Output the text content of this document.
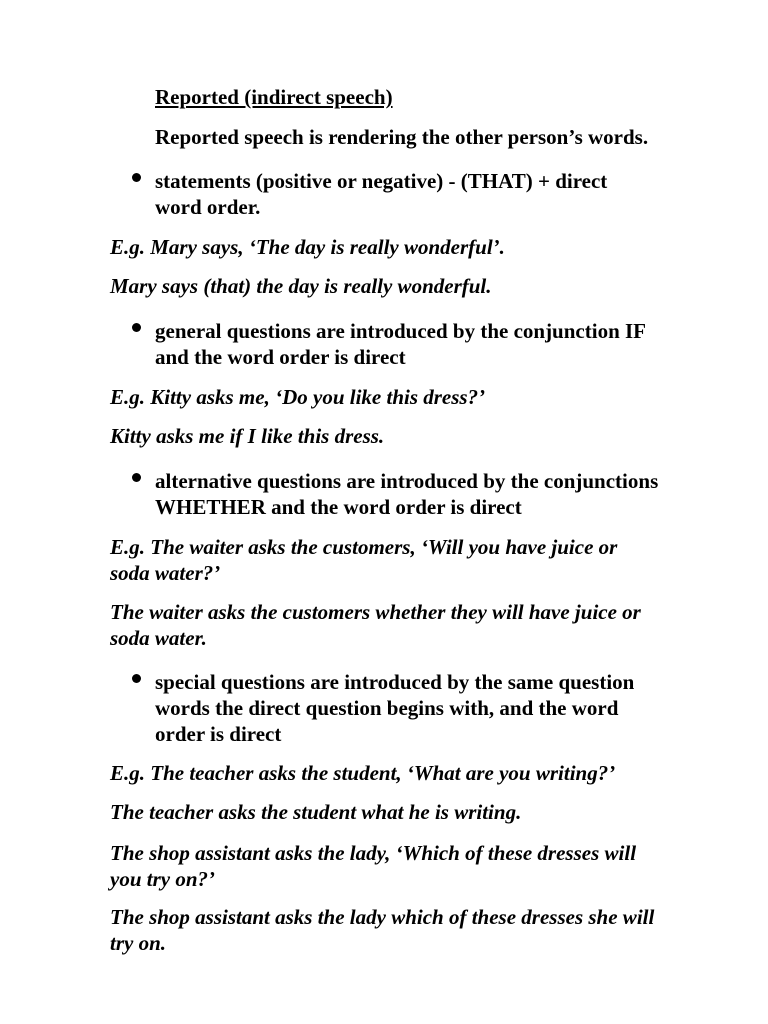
Reported (indirect speech)
Reported speech is rendering the other person’s words.
statements (positive or negative) - (THAT) + direct
word order.
E.g. Mary says, ‘The day is really wonderful’.
Mary says (that) the day is really wonderful.
general questions are introduced by the conjunction IF
and the word order is direct
E.g. Kitty asks me, ‘Do you like this dress?’
Kitty asks me if I like this dress.
alternative questions are introduced by the conjunctions
WHETHER and the word order is direct
E.g. The waiter asks the customers, ‘Will you have juice or
soda water?’
The waiter asks the customers whether they will have juice or
soda water.
special questions are introduced by the same question
words the direct question begins with, and the word
order is direct
E.g. The teacher asks the student, ‘What are you writing?’
The teacher asks the student what he is writing.
The shop assistant asks the lady, ‘Which of these dresses will
you try on?’
The shop assistant asks the lady which of these dresses she will
try on.
